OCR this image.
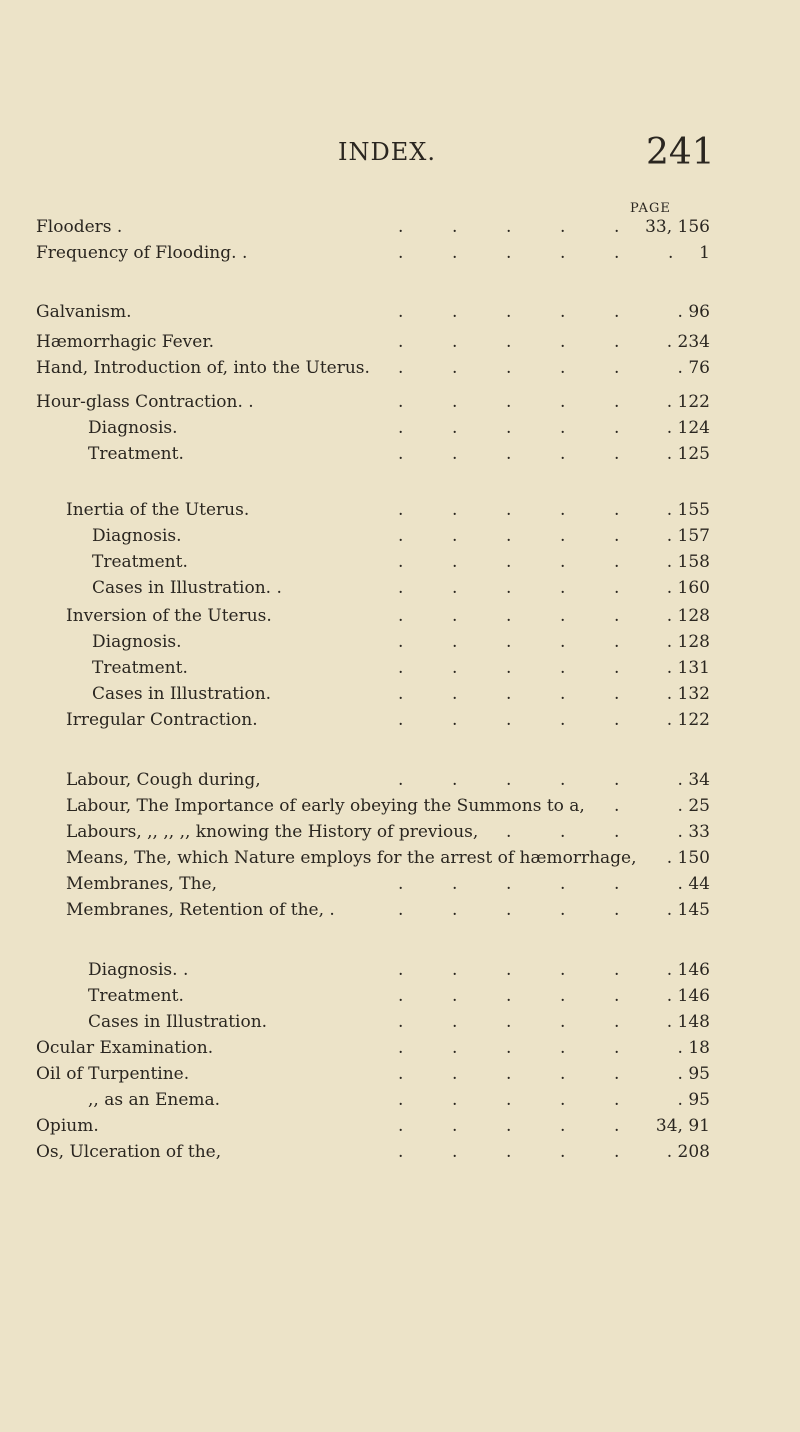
INDEX.	241
PAGE
Flooders .	33, 156
.	.	.	.	.
Frequency of Flooding. .	1
.	.	.	.	.	.
Galvanism.	. 96
.	.	.	.	.
Hæmorrhagic Fever.	. 234
.	.	.	.	.
Hand, Introduction of, into the Uterus.	. 76
.	.	.	.	.
Hour-glass Contraction. .	. 122
.	.	.	.	.
Diagnosis.	. 124
.	.	.	.	.
Treatment.	. 125
.	.	.	.	.
Inertia of the Uterus.	. 155
.	.	.	.	.
Diagnosis.	. 157
.	.	.	.	.
Treatment.	. 158
.	.	.	.	.
Cases in Illustration. .	. 160
.	.	.	.	.
Inversion of the Uterus.	. 128
.	.	.	.	.
Diagnosis.	. 128
.	.	.	.	.
Treatment.	. 131
.	.	.	.	.
Cases in Illustration.	. 132
.	.	.	.	.
Irregular Contraction.	. 122
.	.	.	.	.
Labour, Cough during,	. 34
.	.	.	.	.
Labour, The Importance of early obeying the Summons to a,	. 25
.
Labours, ,, ,, ,, knowing the History of previous,	. 33
.	.	.
Means, The, which Nature employs for the arrest of hæmorrhage, . 150
Membranes, The,	. 44
.	.	.	.	.
Membranes, Retention of the, .	. 145
.	.	.	.	.
Diagnosis. .	. 146
.	.	.	.	.
Treatment.	. 146
.	.	.	.	.
Cases in Illustration.	. 148
.	.	.	.	.
Ocular Examination.	. 18
.	.	.	.	.
Oil of Turpentine.	. 95
.	.	.	.	.
,, as an Enema.	. 95
.	.	.	.	.
Opium.	34, 91
.	.	.	.	.
Os, Ulceration of the,	. 208
.	.	.	.	.
